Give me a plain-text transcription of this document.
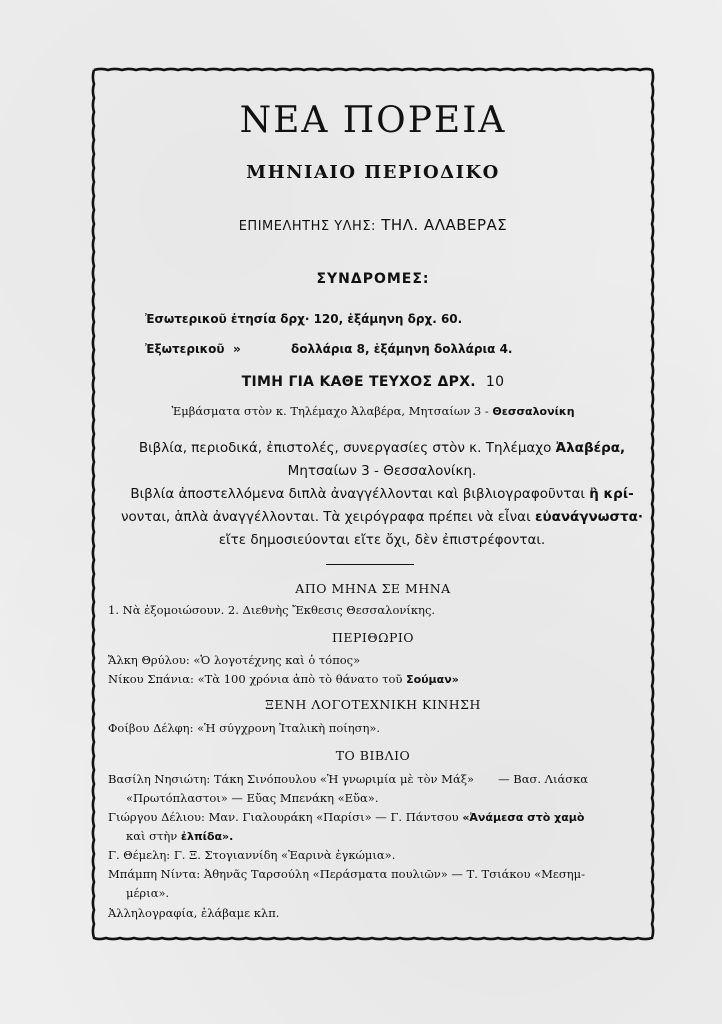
ΝΕΑ ΠΟΡΕΙΑ
ΜΗΝΙΑΙΟ ΠΕΡΙΟΔΙΚΟ
ΕΠΙΜΕΛΗΤΗΣ ΥΛΗΣ: ΤΗΛ. ΑΛΑΒΕΡΑΣ
ΣΥΝΔΡΟΜΕΣ:
Ἐσωτερικοῦ ἐτησία δρχ· 120, ἑξάμηνη δρχ. 60.
Ἐξωτερικοῦ »	δολλάρια 8, ἑξάμηνη δολλάρια 4.
ΤΙΜΗ ΓΙΑ ΚΑΘΕ ΤΕΥΧΟΣ ΔΡΧ. 10
Ἐμβάσματα στὸν κ. Τηλέμαχο Ἀλαβέρα, Μητσαίων 3 - Θεσσαλονίκη
Βιβλία, περιοδικά, ἐπιστολές, συνεργασίες στὸν κ. Τηλέμαχο Ἀλαβέρα,
Μητσαίων 3 - Θεσσαλονίκη.
Βιβλία ἀποστελλόμενα διπλὰ ἀναγγέλλονται καὶ βιβλιογραφοῦνται ἢ κρί-
νονται, ἁπλὰ ἀναγγέλλονται. Τὰ χειρόγραφα πρέπει νὰ εἶναι εὐανάγνωστα·
εἴτε δημοσιεύονται εἴτε ὄχι, δὲν ἐπιστρέφονται.
ΑΠΟ ΜΗΝΑ ΣΕ ΜΗΝΑ
1. Νὰ ἐξομοιώσουν. 2. Διεθνὴς Ἔκθεσις Θεσσαλονίκης.
ΠΕΡΙΘΩΡΙΟ
Ἄλκη Θρύλου: «Ὁ λογοτέχνης καὶ ὁ τόπος»
Νίκου Σπάνια: «Τὰ 100 χρόνια ἀπὸ τὸ θάνατο τοῦ Σούμαν»
ΞΕΝΗ ΛΟΓΟΤΕΧΝΙΚΗ ΚΙΝΗΣΗ
Φοίβου Δέλφη: «Ἡ σύγχρονη Ἰταλικὴ ποίηση».
ΤΟ ΒΙΒΛΙΟ
Βασίλη Νησιώτη: Τάκη Σινόπουλου «Ἡ γνωριμία μὲ τὸν Μάξ» — Βασ. Λιάσκα
«Πρωτόπλαστοι» — Εὔας Μπενάκη «Εὔα».
Γιώργου Δέλιου: Μαν. Γιαλουράκη «Παρίσι» — Γ. Πάντσου «Ἀνάμεσα στὸ χαμὸ
καὶ στὴν ἐλπίδα».
Γ. Θέμελη: Γ. Ξ. Στογιαννίδη «Ἐαρινὰ ἐγκώμια».
Μπάμπη Νίντα: Ἀθηνᾶς Ταρσούλη «Περάσματα πουλιῶν» — Τ. Τσιάκου «Μεσημ-
μέρια».
Ἀλληλογραφία, ἐλάβαμε κλπ.
